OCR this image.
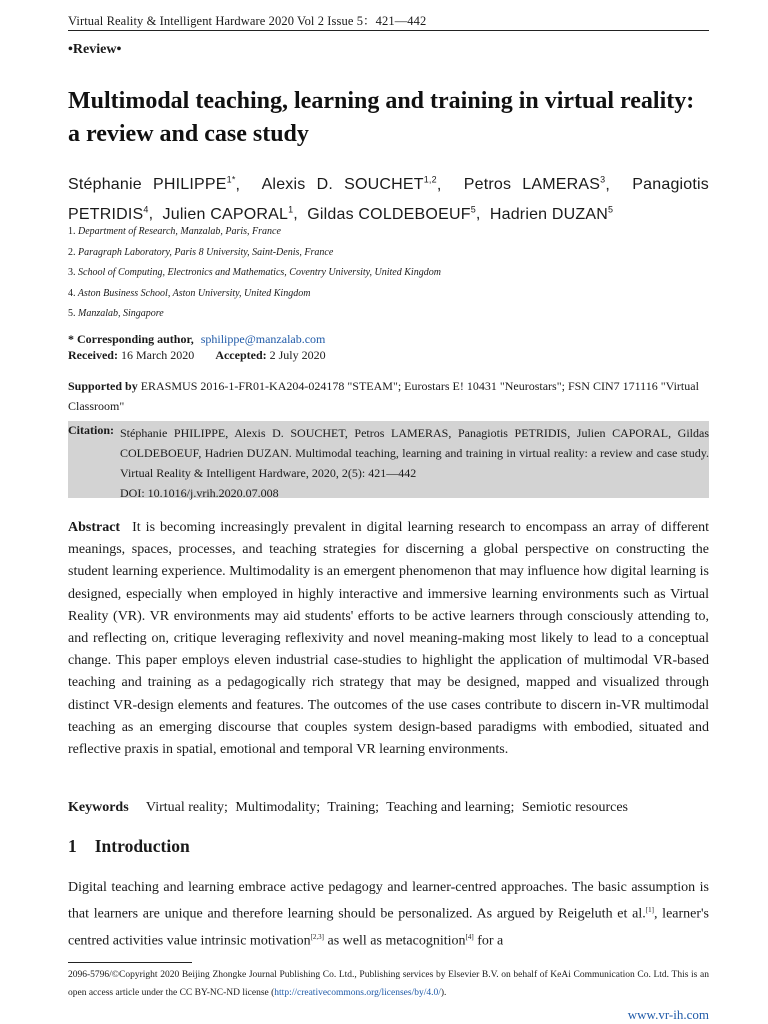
Virtual Reality & Intelligent Hardware 2020 Vol 2 Issue 5：421—442
•Review•
Multimodal teaching, learning and training in virtual reality: a review and case study
Stéphanie $PHILIPPE^{1*}$,  Alexis D. SOUCHET$^{1,2}$,  Petros LAMERAS$^3$,  Panagiotis PETRIDIS$^4$,  Julien CAPORAL$^1$,  Gildas COLDEBOEUF$^5$,  Hadrien DUZAN$^5$
1. Department of Research, Manzalab, Paris, France
2. Paragraph Laboratory, Paris 8 University, Saint-Denis, France
3. School of Computing, Electronics and Mathematics, Coventry University, United Kingdom
4. Aston Business School, Aston University, United Kingdom
5. Manzalab, Singapore
* Corresponding author, sphilippe@manzalab.com
Received: 16 March 2020 Accepted: 2 July 2020
Supported by ERASMUS 2016-1-FR01-KA204-024178 "STEAM"; Eurostars E! 10431 "Neurostars"; FSN CIN7 171116 "Virtual Classroom"
Citation: Stéphanie PHILIPPE, Alexis D. SOUCHET, Petros LAMERAS, Panagiotis PETRIDIS, Julien CAPORAL, Gildas COLDEBOEUF, Hadrien DUZAN. Multimodal teaching, learning and training in virtual reality: a review and case study. Virtual Reality & Intelligent Hardware, 2020, 2(5): 421—442
DOI: 10.1016/j.vrih.2020.07.008
Abstract It is becoming increasingly prevalent in digital learning research to encompass an array of different meanings, spaces, processes, and teaching strategies for discerning a global perspective on constructing the student learning experience. Multimodality is an emergent phenomenon that may influence how digital learning is designed, especially when employed in highly interactive and immersive learning environments such as Virtual Reality (VR). VR environments may aid students' efforts to be active learners through consciously attending to, and reflecting on, critique leveraging reflexivity and novel meaning-making most likely to lead to a conceptual change. This paper employs eleven industrial case-studies to highlight the application of multimodal VR-based teaching and training as a pedagogically rich strategy that may be designed, mapped and visualized through distinct VR-design elements and features. The outcomes of the use cases contribute to discern in-VR multimodal teaching as an emerging discourse that couples system design-based paradigms with embodied, situated and reflective praxis in spatial, emotional and temporal VR learning environments.
Keywords Virtual reality; Multimodality; Training; Teaching and learning; Semiotic resources
1 Introduction
Digital teaching and learning embrace active pedagogy and learner-centred approaches. The basic assumption is that learners are unique and therefore learning should be personalized. As argued by Reigeluth et al.[1], learner's centred activities value intrinsic motivation[2,3] as well as metacognition[4] for a
2096-5796/©Copyright 2020 Beijing Zhongke Journal Publishing Co. Ltd., Publishing services by Elsevier B.V. on behalf of KeAi Communication Co. Ltd. This is an open access article under the CC BY-NC-ND license (http://creativecommons.org/licenses/by/4.0/).
www.vr-ih.com
